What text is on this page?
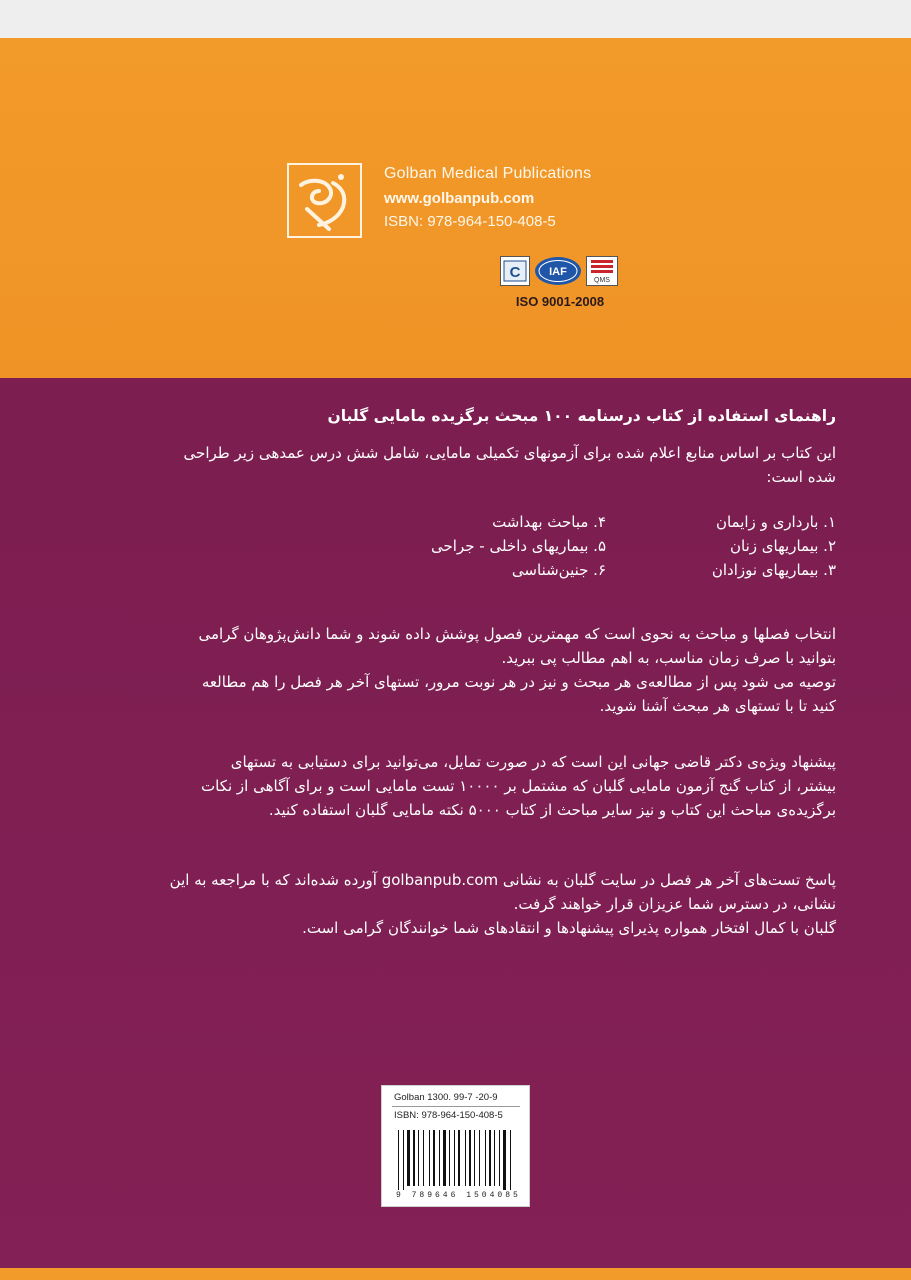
Golban Medical Publications
www.golbanpub.com
ISBN: 978-964-150-408-5
C	IAF
QMS
ISO 9001-2008
راهنمای استفاده از کتاب درسنامه ۱۰۰ مبحث برگزیده مامایی گلبان
این کتاب بر اساس منابع اعلام شده برای آزمونهای تکمیلی مامایی، شامل شش درس عمدهی زیر طراحی
شده است:
۱. بارداری و زایمان
۲. بیماریهای زنان
۳. بیماریهای نوزادان
۴. مباحث بهداشت
۵. بیماریهای داخلی - جراحی
۶. جنین‌شناسی
انتخاب فصلها و مباحث به نحوی است که مهمترین فصول پوشش داده شوند و شما دانش‌پژوهان گرامی
بتوانید با صرف زمان مناسب، به اهم مطالب پی ببرید.
توصیه می شود پس از مطالعه‌ی هر مبحث و نیز در هر نوبت مرور، تستهای آخر هر فصل را هم مطالعه
کنید تا با تستهای هر مبحث آشنا شوید.
پیشنهاد ویژه‌ی دکتر قاضی جهانی این است که در صورت تمایل، می‌توانید برای دستیابی به تستهای
بیشتر، از کتاب گنج آزمون مامایی گلبان که مشتمل بر ۱۰۰۰۰ تست مامایی است و برای آگاهی از نکات
برگزیده‌ی مباحث این کتاب و نیز سایر مباحث از کتاب ۵۰۰۰ نکته مامایی گلبان استفاده کنید.
پاسخ تست‌های آخر هر فصل در سایت گلبان به نشانی golbanpub.com آورده شده‌اند که با مراجعه به این
نشانی، در دسترس شما عزیزان قرار خواهند گرفت.
گلبان با کمال افتخار همواره پذیرای پیشنهادها و انتقادهای شما خوانندگان گرامی است.
Golban 1300. 99-7 -20-9
ISBN: 978-964-150-408-5
9 789646 1504085
